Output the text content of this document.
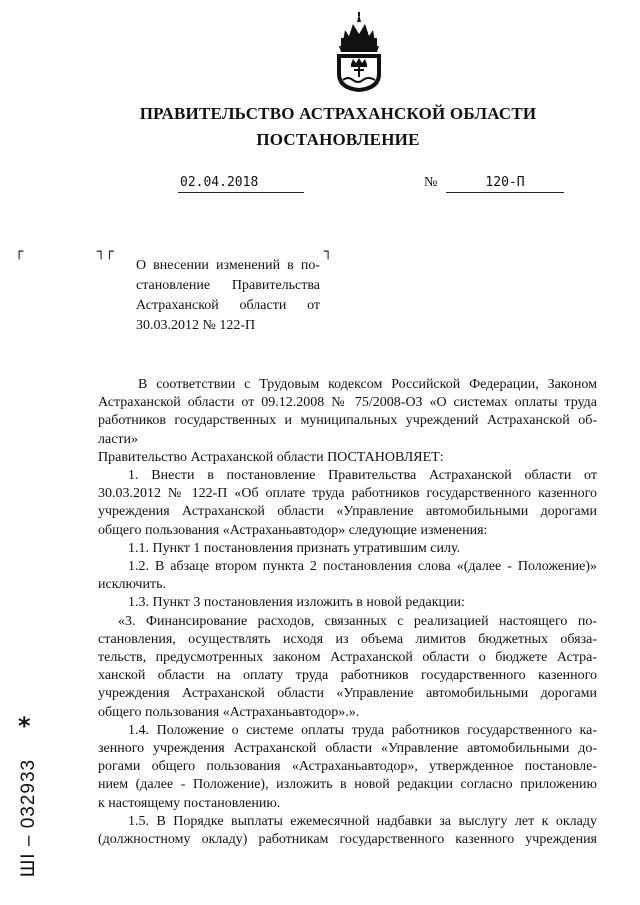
ПРАВИТЕЛЬСТВО АСТРАХАНСКОЙ ОБЛАСТИ
ПОСТАНОВЛЕНИЕ
02.04.2018	№	120-П
┌	┐┌	┐
О внесении изменений в по-
становление Правительства
Астраханской области от
30.03.2012 № 122-П
В соответствии с Трудовым кодексом Российской Федерации, Законом
Астраханской области от 09.12.2008 № 75/2008-ОЗ «О системах оплаты труда
работников государственных и муниципальных учреждений Астраханской об-
ласти»
Правительство Астраханской области ПОСТАНОВЛЯЕТ:
1. Внести в постановление Правительства Астраханской области от
30.03.2012 № 122-П «Об оплате труда работников государственного казенного
учреждения Астраханской области «Управление автомобильными дорогами
общего пользования «Астраханьавтодор» следующие изменения:
1.1. Пункт 1 постановления признать утратившим силу.
1.2. В абзаце втором пункта 2 постановления слова «(далее - Положение)»
исключить.
1.3. Пункт 3 постановления изложить в новой редакции:
«3. Финансирование расходов, связанных с реализацией настоящего по-
становления, осуществлять исходя из объема лимитов бюджетных обяза-
тельств, предусмотренных законом Астраханской области о бюджете Астра-
ханской области на оплату труда работников государственного казенного
учреждения Астраханской области «Управление автомобильными дорогами
общего пользования «Астраханьавтодор».».
1.4. Положение о системе оплаты труда работников государственного ка-
зенного учреждения Астраханской области «Управление автомобильными до-
рогами общего пользования «Астраханьавтодор», утвержденное постановле-
нием (далее - Положение), изложить в новой редакции согласно приложению
к настоящему постановлению.
1.5. В Порядке выплаты ежемесячной надбавки за выслугу лет к окладу
(должностному окладу) работникам государственного казенного учреждения
*
ШI – 032933
